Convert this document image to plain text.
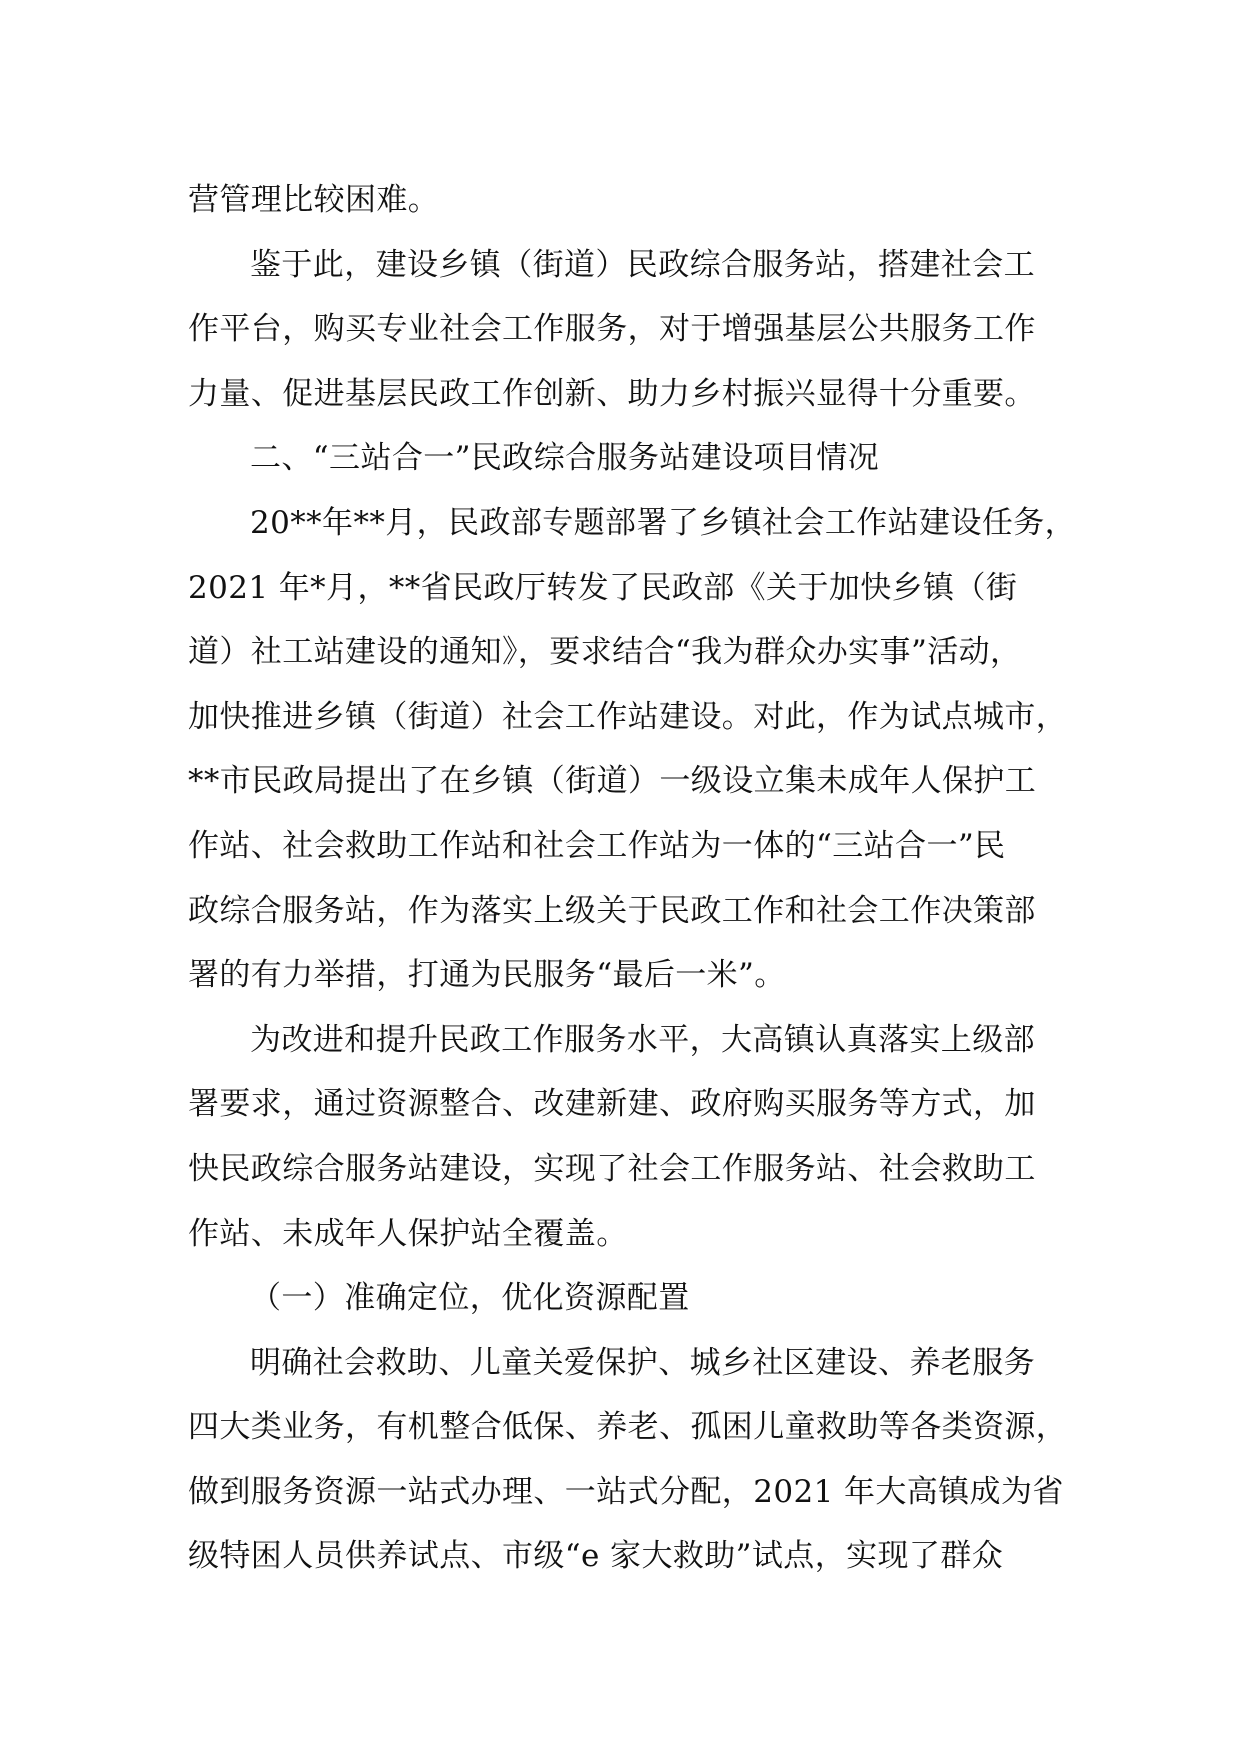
营管理比较困难。
鉴于此，建设乡镇（街道）民政综合服务站，搭建社会工
作平台，购买专业社会工作服务，对于增强基层公共服务工作
力量、促进基层民政工作创新、助力乡村振兴显得十分重要。
二、“三站合一”民政综合服务站建设项目情况
20**年**月，民政部专题部署了乡镇社会工作站建设任务，
2021 年*月，**省民政厅转发了民政部《关于加快乡镇（街
道）社工站建设的通知》，要求结合“我为群众办实事”活动，
加快推进乡镇（街道）社会工作站建设。对此，作为试点城市，
**市民政局提出了在乡镇（街道）一级设立集未成年人保护工
作站、社会救助工作站和社会工作站为一体的“三站合一”民
政综合服务站，作为落实上级关于民政工作和社会工作决策部
署的有力举措，打通为民服务“最后一米”。
为改进和提升民政工作服务水平，大高镇认真落实上级部
署要求，通过资源整合、改建新建、政府购买服务等方式，加
快民政综合服务站建设，实现了社会工作服务站、社会救助工
作站、未成年人保护站全覆盖。
（一）准确定位，优化资源配置
明确社会救助、儿童关爱保护、城乡社区建设、养老服务
四大类业务，有机整合低保、养老、孤困儿童救助等各类资源，
做到服务资源一站式办理、一站式分配，2021 年大高镇成为省
级特困人员供养试点、市级“e 家大救助”试点，实现了群众
